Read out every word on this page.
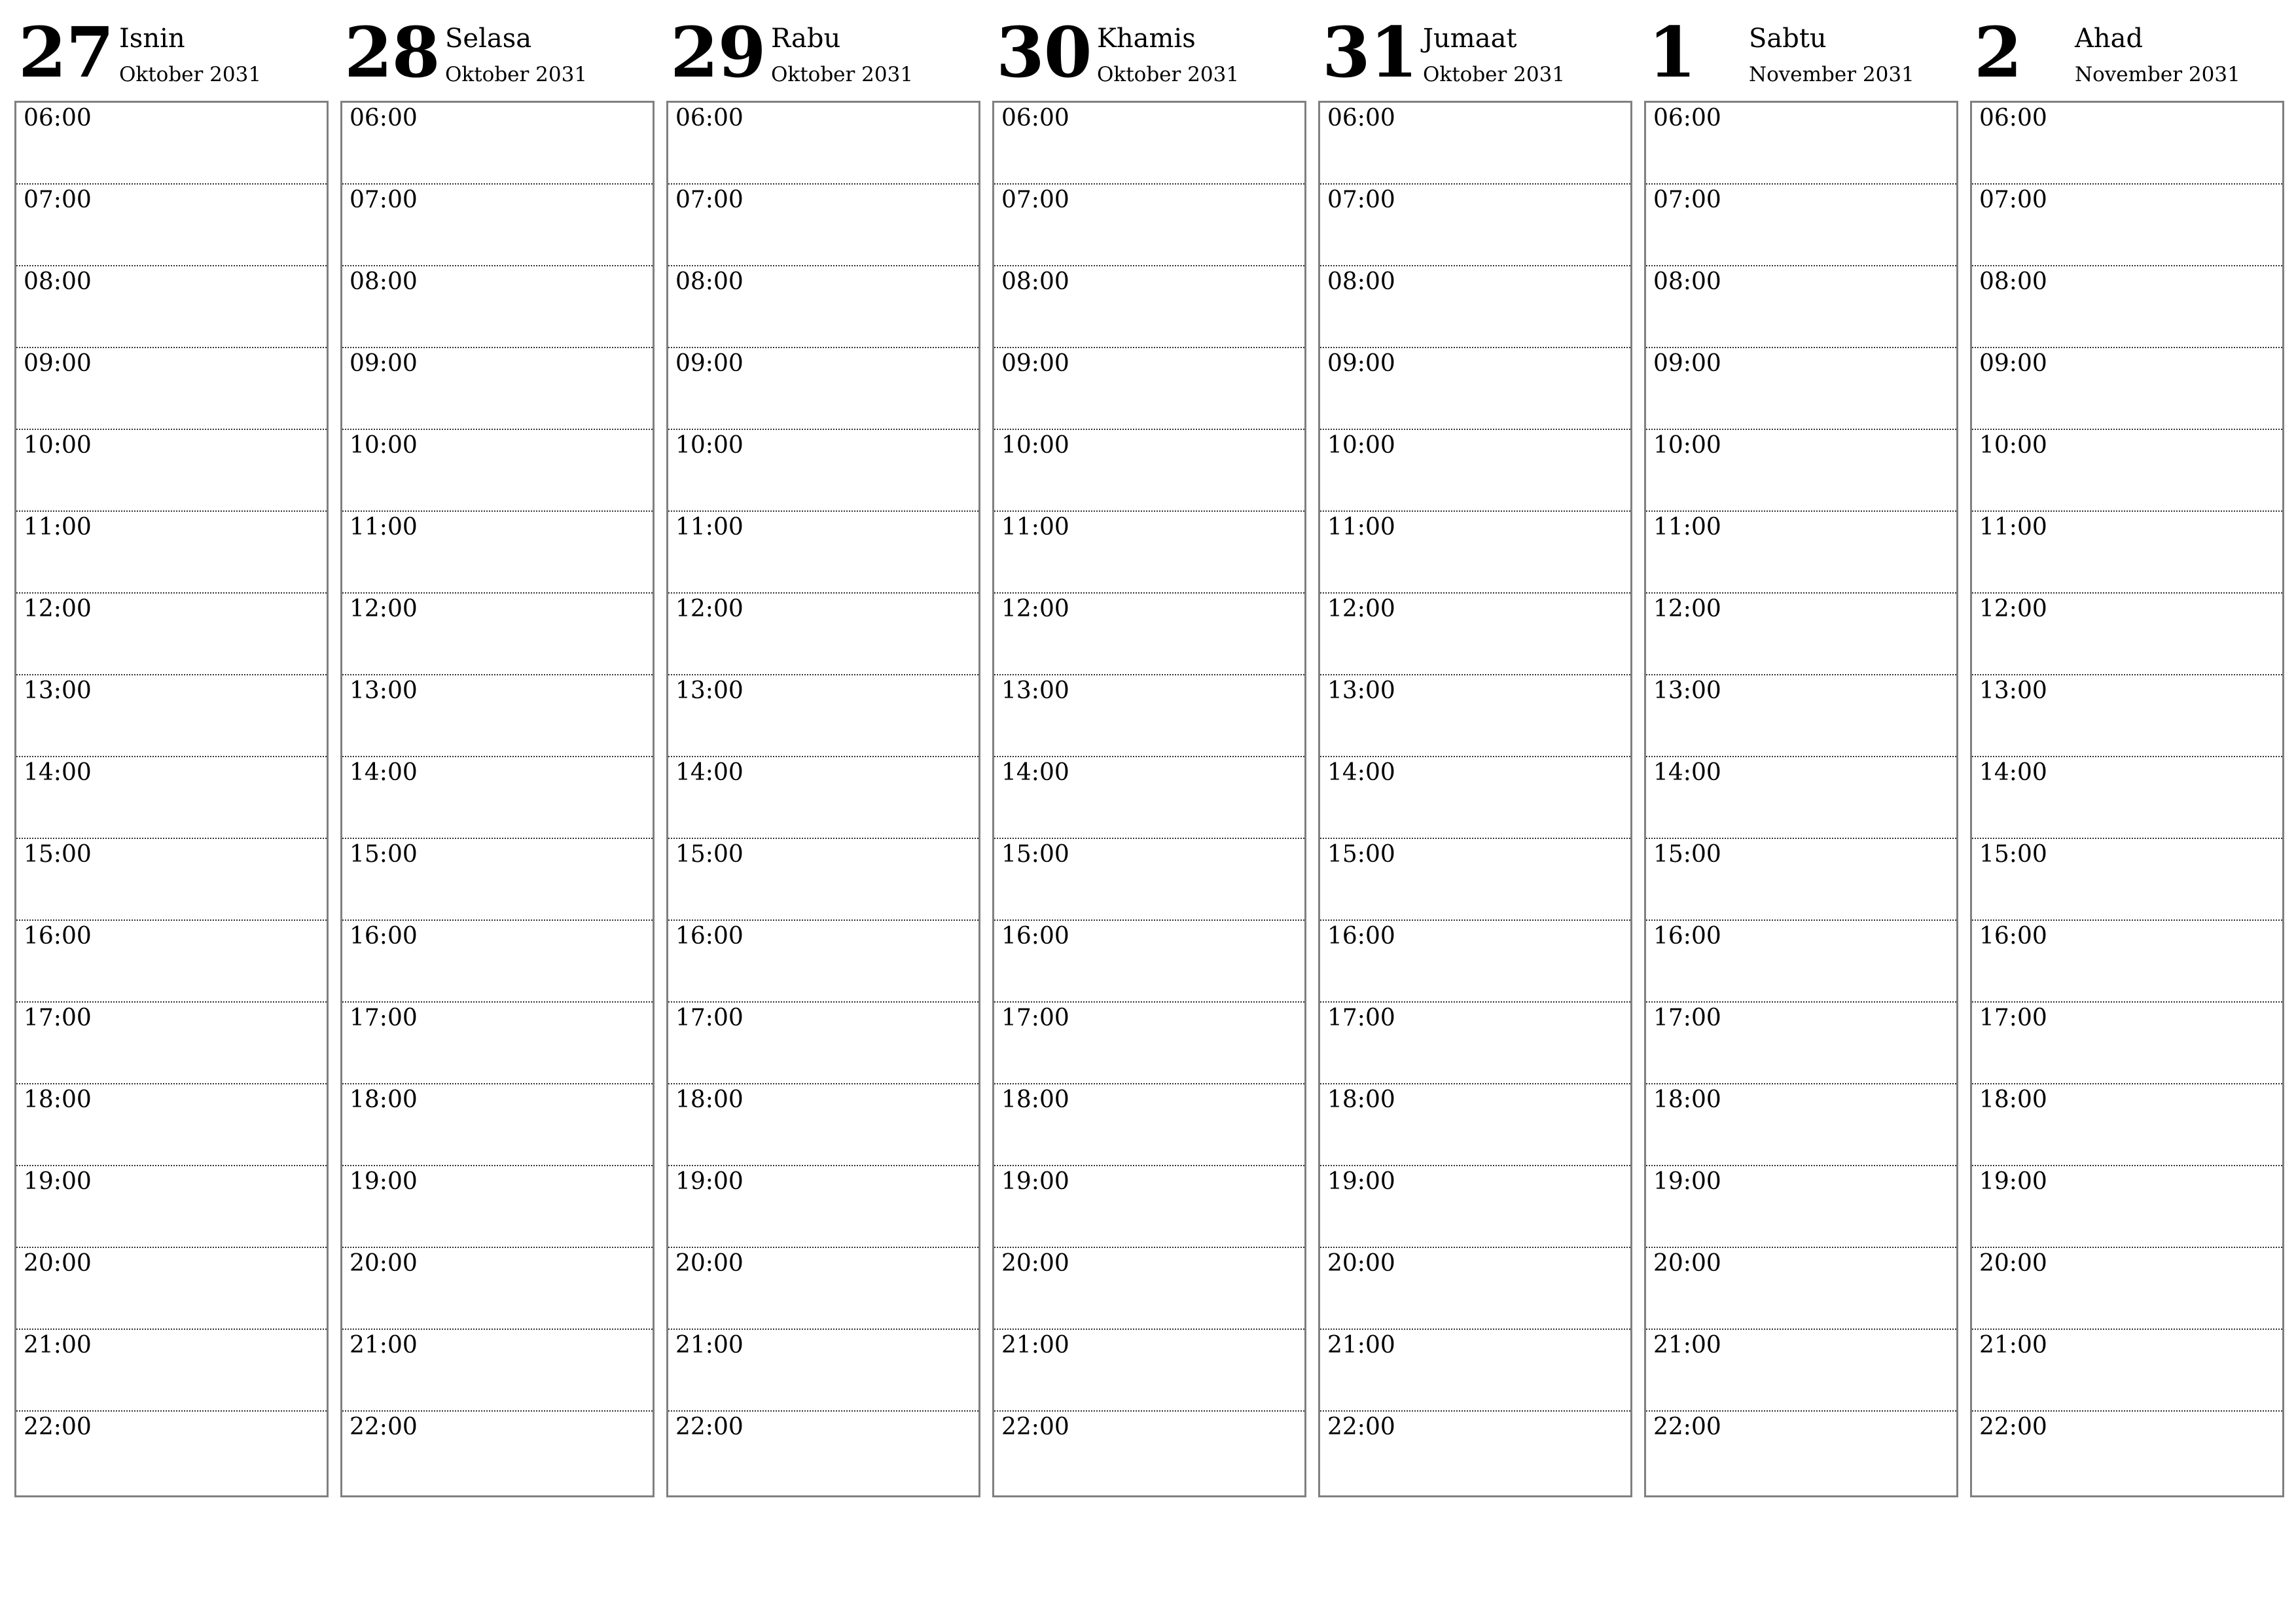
27 Isnin
Oktober 2031
06:00
07:00
08:00
09:00
10:00
11:00
12:00
13:00
14:00
15:00
16:00
17:00
18:00
19:00
20:00
21:00
22:00
28 Selasa
Oktober 2031
06:00
07:00
08:00
09:00
10:00
11:00
12:00
13:00
14:00
15:00
16:00
17:00
18:00
19:00
20:00
21:00
22:00
29 Rabu
Oktober 2031
06:00
07:00
08:00
09:00
10:00
11:00
12:00
13:00
14:00
15:00
16:00
17:00
18:00
19:00
20:00
21:00
22:00
30 Khamis
Oktober 2031
06:00
07:00
08:00
09:00
10:00
11:00
12:00
13:00
14:00
15:00
16:00
17:00
18:00
19:00
20:00
21:00
22:00
31 Jumaat
Oktober 2031
06:00
07:00
08:00
09:00
10:00
11:00
12:00
13:00
14:00
15:00
16:00
17:00
18:00
19:00
20:00
21:00
22:00
1 Sabtu
November 2031
06:00
07:00
08:00
09:00
10:00
11:00
12:00
13:00
14:00
15:00
16:00
17:00
18:00
19:00
20:00
21:00
22:00
2 Ahad
November 2031
06:00
07:00
08:00
09:00
10:00
11:00
12:00
13:00
14:00
15:00
16:00
17:00
18:00
19:00
20:00
21:00
22:00
